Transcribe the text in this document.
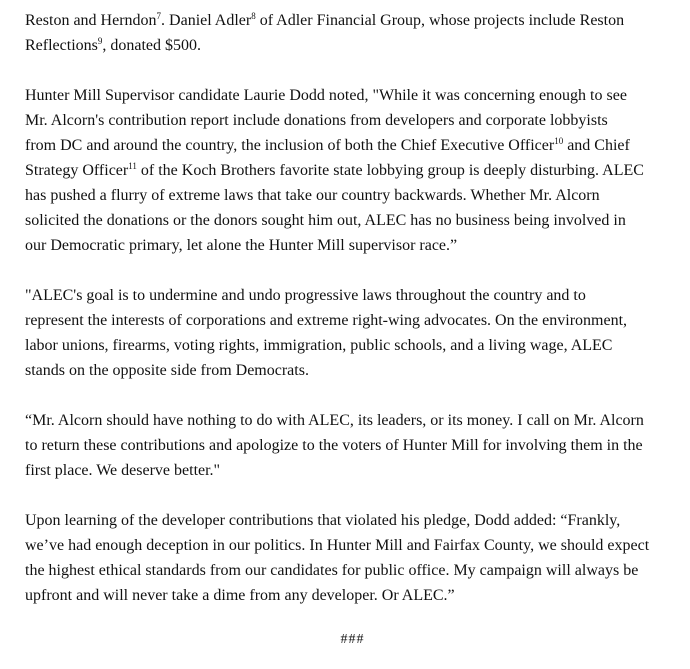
Reston and Herndon$^7$. Daniel Adler$^8$ of Adler Financial Group, whose projects include Reston
Reflections$^9$, donated $500.

Hunter Mill Supervisor candidate Laurie Dodd noted, "While it was concerning enough to see
Mr. Alcorn's contribution report include donations from developers and corporate lobbyists
from DC and around the country, the inclusion of both the Chief Executive Officer$^{10}$ and Chief
Strategy Officer$^{11}$ of the Koch Brothers favorite state lobbying group is deeply disturbing. ALEC
has pushed a flurry of extreme laws that take our country backwards. Whether Mr. Alcorn
solicited the donations or the donors sought him out, ALEC has no business being involved in
our Democratic primary, let alone the Hunter Mill supervisor race.”

"ALEC's goal is to undermine and undo progressive laws throughout the country and to
represent the interests of corporations and extreme right-wing advocates. On the environment,
labor unions, firearms, voting rights, immigration, public schools, and a living wage, ALEC
stands on the opposite side from Democrats.

“Mr. Alcorn should have nothing to do with ALEC, its leaders, or its money. I call on Mr. Alcorn
to return these contributions and apologize to the voters of Hunter Mill for involving them in the
first place. We deserve better."

Upon learning of the developer contributions that violated his pledge, Dodd added: “Frankly,
we’ve had enough deception in our politics. In Hunter Mill and Fairfax County, we should expect
the highest ethical standards from our candidates for public office. My campaign will always be
upfront and will never take a dime from any developer. Or ALEC.”

###
